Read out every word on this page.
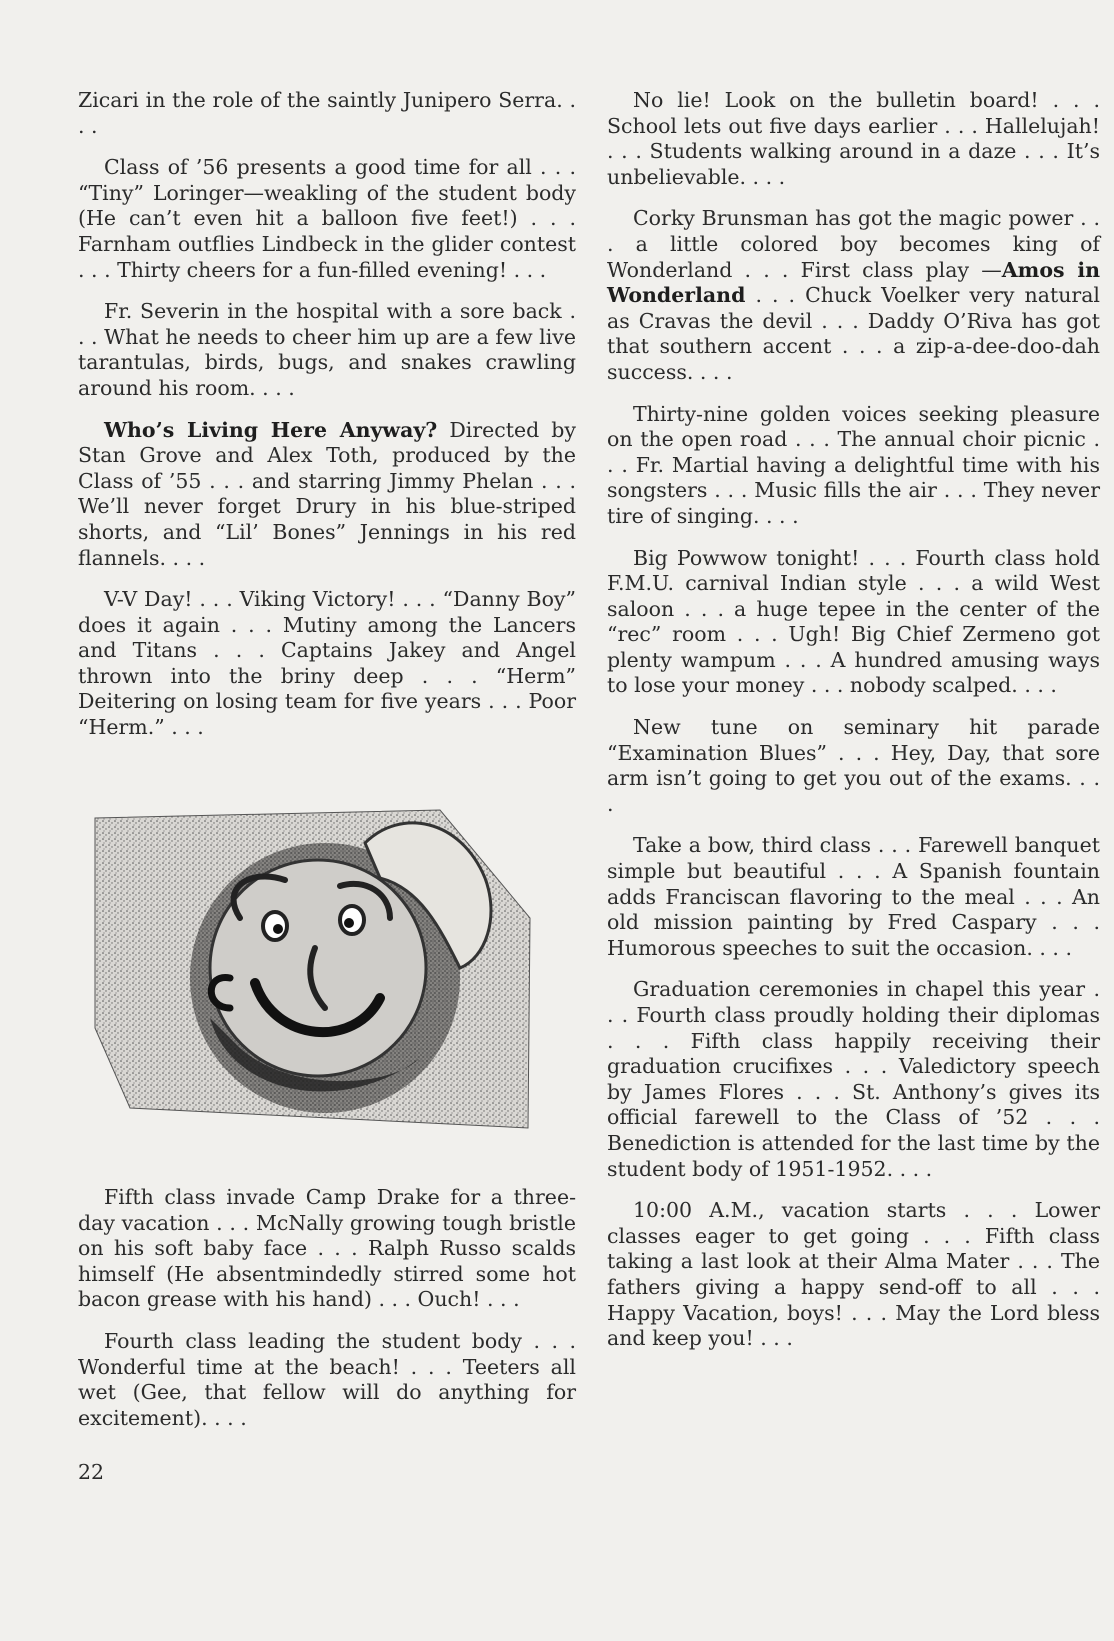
Zicari in the role of the saintly Junipero Serra. . . .

Class of ’56 presents a good time for all . . . “Tiny” Loringer—weakling of the student body (He can’t even hit a balloon five feet!) . . . Farnham outflies Lindbeck in the glider contest . . . Thirty cheers for a fun-filled evening! . . .

Fr. Severin in the hospital with a sore back . . . What he needs to cheer him up are a few live tarantulas, birds, bugs, and snakes crawling around his room. . . .

Who’s Living Here Anyway? Directed by Stan Grove and Alex Toth, produced by the Class of ’55 . . . and starring Jimmy Phelan . . . We’ll never forget Drury in his blue-striped shorts, and “Lil’ Bones” Jennings in his red flannels. . . .

V-V Day! . . . Viking Victory! . . . “Danny Boy” does it again . . . Mutiny among the Lancers and Titans . . . Captains Jakey and Angel thrown into the briny deep . . . “Herm” Deitering on losing team for five years . . . Poor “Herm.” . . .

Fifth class invade Camp Drake for a three-day vacation . . . McNally growing tough bristle on his soft baby face . . . Ralph Russo scalds himself (He absentmindedly stirred some hot bacon grease with his hand) . . . Ouch! . . .

Fourth class leading the student body . . . Wonderful time at the beach! . . . Teeters all wet (Gee, that fellow will do anything for excitement). . . .

22

No lie! Look on the bulletin board! . . . School lets out five days earlier . . . Hallelujah! . . . Students walking around in a daze . . . It’s unbelievable. . . .

Corky Brunsman has got the magic power . . . a little colored boy becomes king of Wonderland . . . First class play —Amos in Wonderland . . . Chuck Voelker very natural as Cravas the devil . . . Daddy O’Riva has got that southern accent . . . a zip-a-dee-doo-dah success. . . .

Thirty-nine golden voices seeking pleasure on the open road . . . The annual choir picnic . . . Fr. Martial having a delightful time with his songsters . . . Music fills the air . . . They never tire of singing. . . .

Big Powwow tonight! . . . Fourth class hold F.M.U. carnival Indian style . . . a wild West saloon . . . a huge tepee in the center of the “rec” room . . . Ugh! Big Chief Zermeno got plenty wampum . . . A hundred amusing ways to lose your money . . . nobody scalped. . . .

New tune on seminary hit parade “Examination Blues” . . . Hey, Day, that sore arm isn’t going to get you out of the exams. . . .

Take a bow, third class . . . Farewell banquet simple but beautiful . . . A Spanish fountain adds Franciscan flavoring to the meal . . . An old mission painting by Fred Caspary . . . Humorous speeches to suit the occasion. . . .

Graduation ceremonies in chapel this year . . . Fourth class proudly holding their diplomas . . . Fifth class happily receiving their graduation crucifixes . . . Valedictory speech by James Flores . . . St. Anthony’s gives its official farewell to the Class of ’52 . . . Benediction is attended for the last time by the student body of 1951-1952. . . .

10:00 A.M., vacation starts . . . Lower classes eager to get going . . . Fifth class taking a last look at their Alma Mater . . . The fathers giving a happy send-off to all . . . Happy Vacation, boys! . . . May the Lord bless and keep you! . . .
